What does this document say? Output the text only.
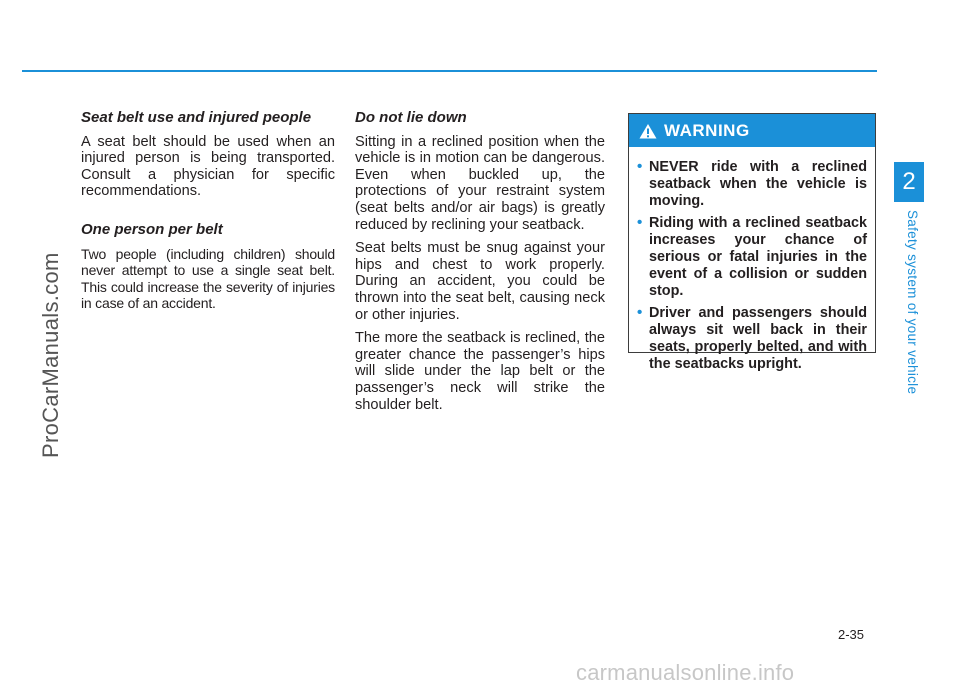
ProCarManuals.com
Seat belt use and injured people

A seat belt should be used when an injured person is being transported. Consult a physician for specific recommendations.

One person per belt

Two people (including children) should never attempt to use a single seat belt. This could increase the severity of injuries in case of an accident.

Do not lie down

Sitting in a reclined position when the vehicle is in motion can be dangerous. Even when buckled up, the protections of your restraint system (seat belts and/or air bags) is greatly reduced by reclining your seatback.

Seat belts must be snug against your hips and chest to work properly. During an accident, you could be thrown into the seat belt, causing neck or other injuries.

The more the seatback is reclined, the greater chance the passenger’s hips will slide under the lap belt or the passenger’s neck will strike the shoulder belt.

WARNING
• NEVER ride with a reclined seatback when the vehicle is moving.
• Riding with a reclined seatback increases your chance of serious or fatal injuries in the event of a collision or sudden stop.
• Driver and passengers should always sit well back in their seats, properly belted, and with the seatbacks upright.
2
Safety system of your vehicle
2-35
carmanualsonline.info
